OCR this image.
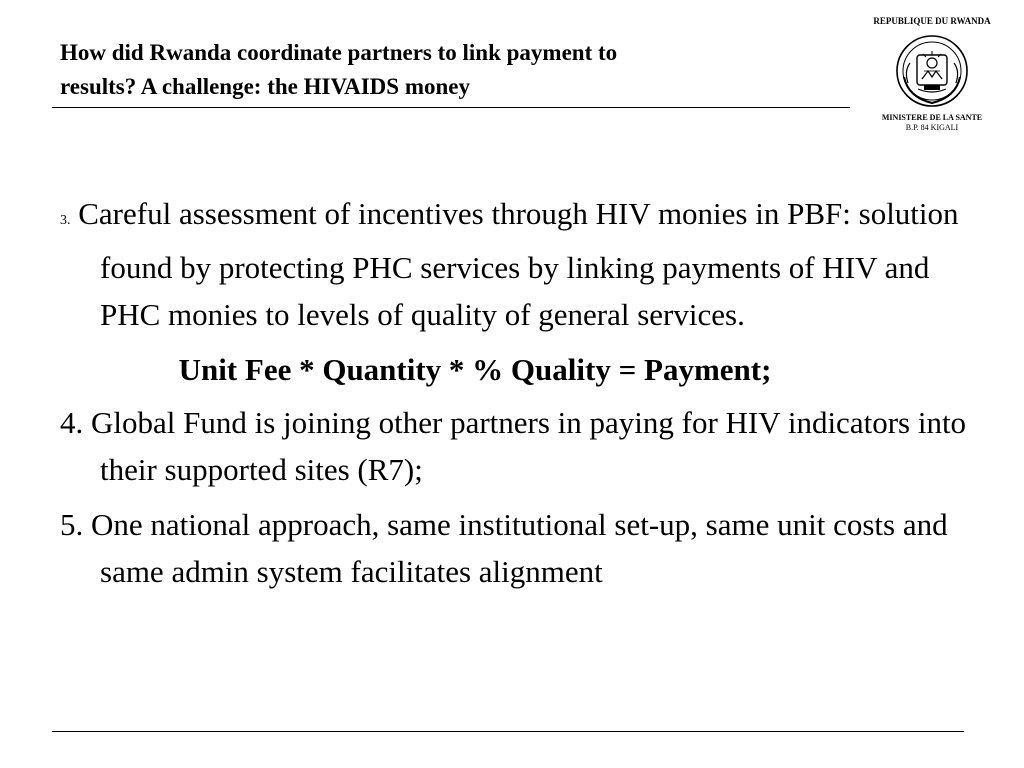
How did Rwanda coordinate partners to link payment to
results? A challenge: the HIVAIDS money
REPUBLIQUE DU RWANDA
MINISTERE DE LA SANTE
B.P. 84 KIGALI

3. Careful assessment of incentives through HIV monies in PBF: solution found by protecting PHC services by linking payments of HIV and PHC monies to levels of quality of general services.

Unit Fee * Quantity * % Quality = Payment;

4. Global Fund is joining other partners in paying for HIV indicators into their supported sites (R7);

5. One national approach, same institutional set-up, same unit costs and same admin system facilitates alignment
